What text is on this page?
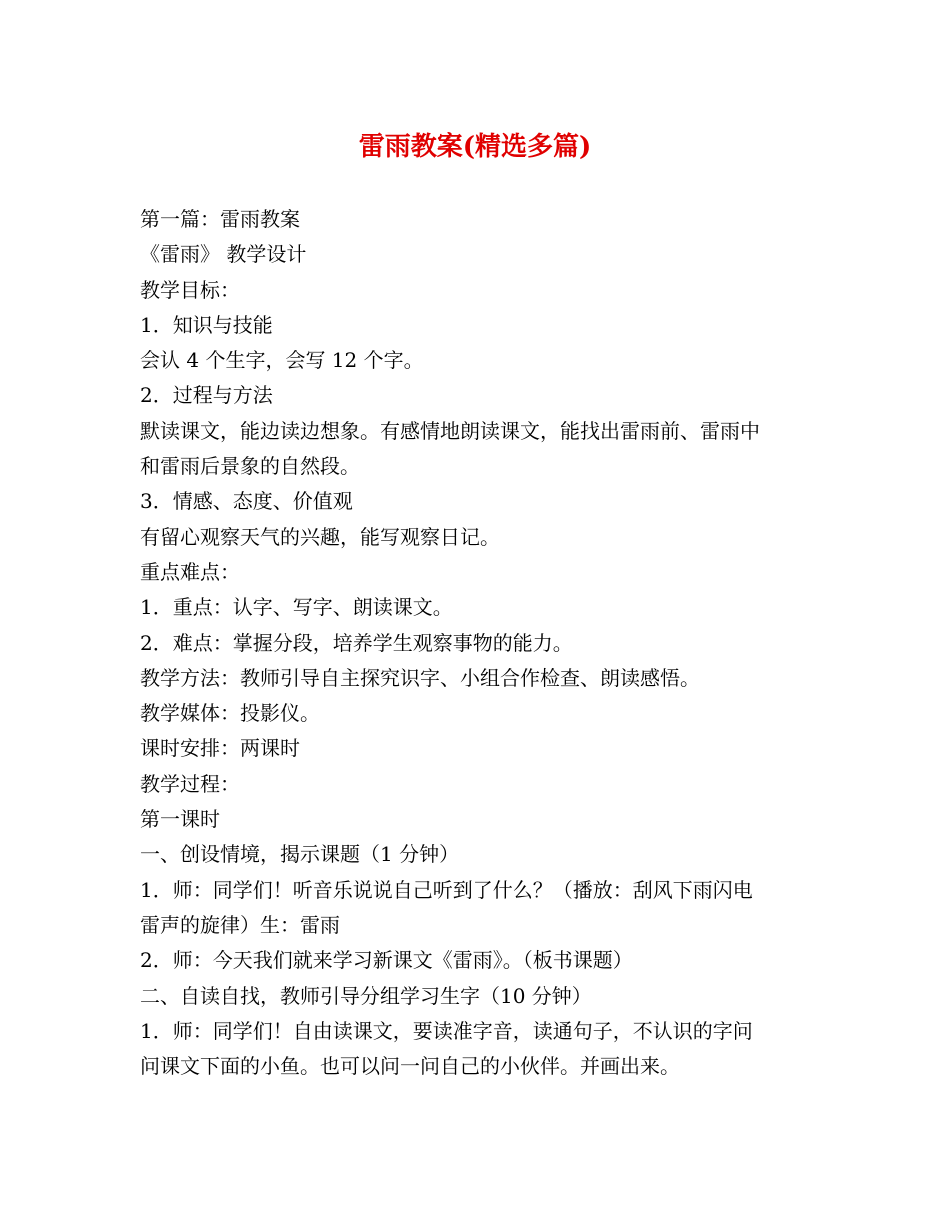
雷雨教案(精选多篇)
第一篇：雷雨教案
《雷雨》 教学设计
教学目标：
1．知识与技能
会认 4 个生字，会写 12 个字。
2．过程与方法
默读课文，能边读边想象。有感情地朗读课文，能找出雷雨前、雷雨中
和雷雨后景象的自然段。
3．情感、态度、价值观
有留心观察天气的兴趣，能写观察日记。
重点难点：
1．重点：认字、写字、朗读课文。
2．难点：掌握分段，培养学生观察事物的能力。
教学方法：教师引导自主探究识字、小组合作检查、朗读感悟。
教学媒体：投影仪。
课时安排：两课时
教学过程：
第一课时
一、创设情境，揭示课题（1 分钟）
1．师：同学们！听音乐说说自己听到了什么？（播放：刮风下雨闪电
雷声的旋律）生：雷雨
2．师：今天我们就来学习新课文《雷雨》。（板书课题）
二、自读自找，教师引导分组学习生字（10 分钟）
1．师：同学们！自由读课文，要读准字音，读通句子，不认识的字问
问课文下面的小鱼。也可以问一问自己的小伙伴。并画出来。
